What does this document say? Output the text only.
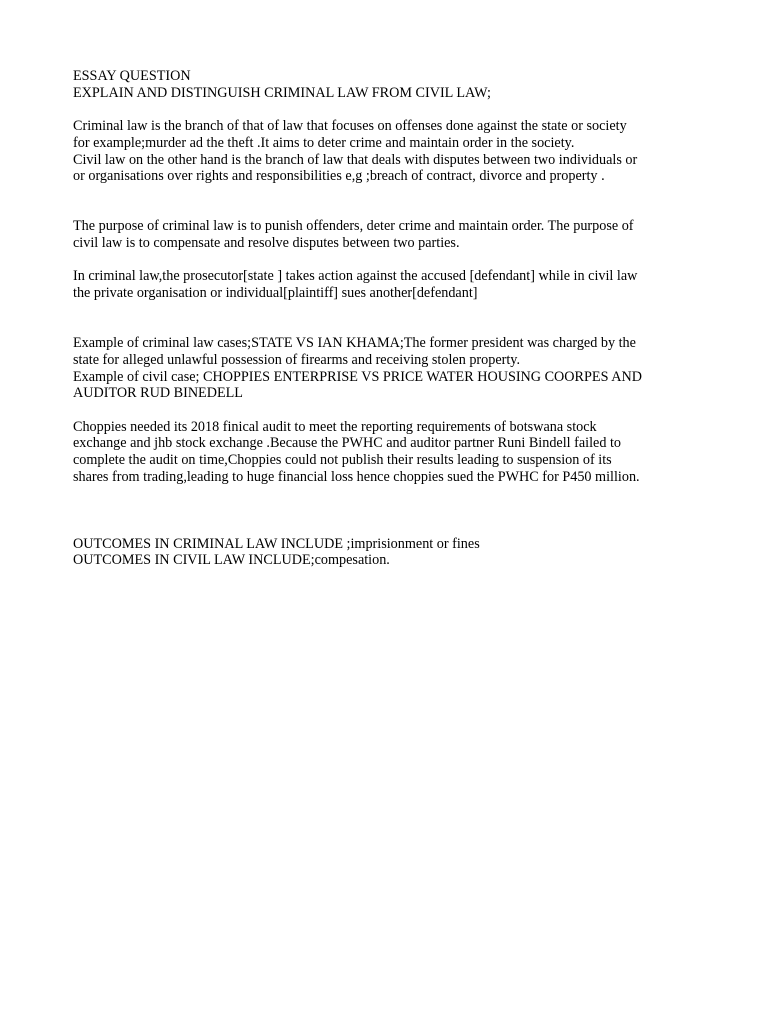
ESSAY QUESTION
EXPLAIN AND DISTINGUISH CRIMINAL LAW FROM CIVIL LAW;
Criminal law is the branch of that of law that focuses on offenses done against the state or society
for example;murder ad the theft .It aims to deter crime and maintain order in the society.
Civil law on the other hand is the branch of law that deals with disputes between two individuals or
or organisations over rights and responsibilities e,g ;breach of contract, divorce and property .
The purpose of criminal law is to punish offenders, deter crime and maintain order. The purpose of
civil law is to compensate and resolve disputes between two parties.
In criminal law,the prosecutor[state ] takes action against the accused [defendant] while in civil law
the private organisation or individual[plaintiff] sues another[defendant]
Example of criminal law cases;STATE VS IAN KHAMA;The former president was charged by the
state for alleged unlawful possession of firearms and receiving stolen property.
Example of civil case; CHOPPIES ENTERPRISE VS PRICE WATER HOUSING COORPES AND
AUDITOR RUD BINEDELL
Choppies needed its 2018 finical audit to meet the reporting requirements of botswana stock
exchange and jhb stock exchange .Because the PWHC and auditor partner Runi Bindell failed to
complete the audit on time,Choppies could not publish their results leading to suspension of its
shares from trading,leading to huge financial loss hence choppies sued the PWHC for P450 million.
OUTCOMES IN CRIMINAL LAW INCLUDE ;imprisionment or fines
OUTCOMES IN CIVIL LAW INCLUDE;compesation.
